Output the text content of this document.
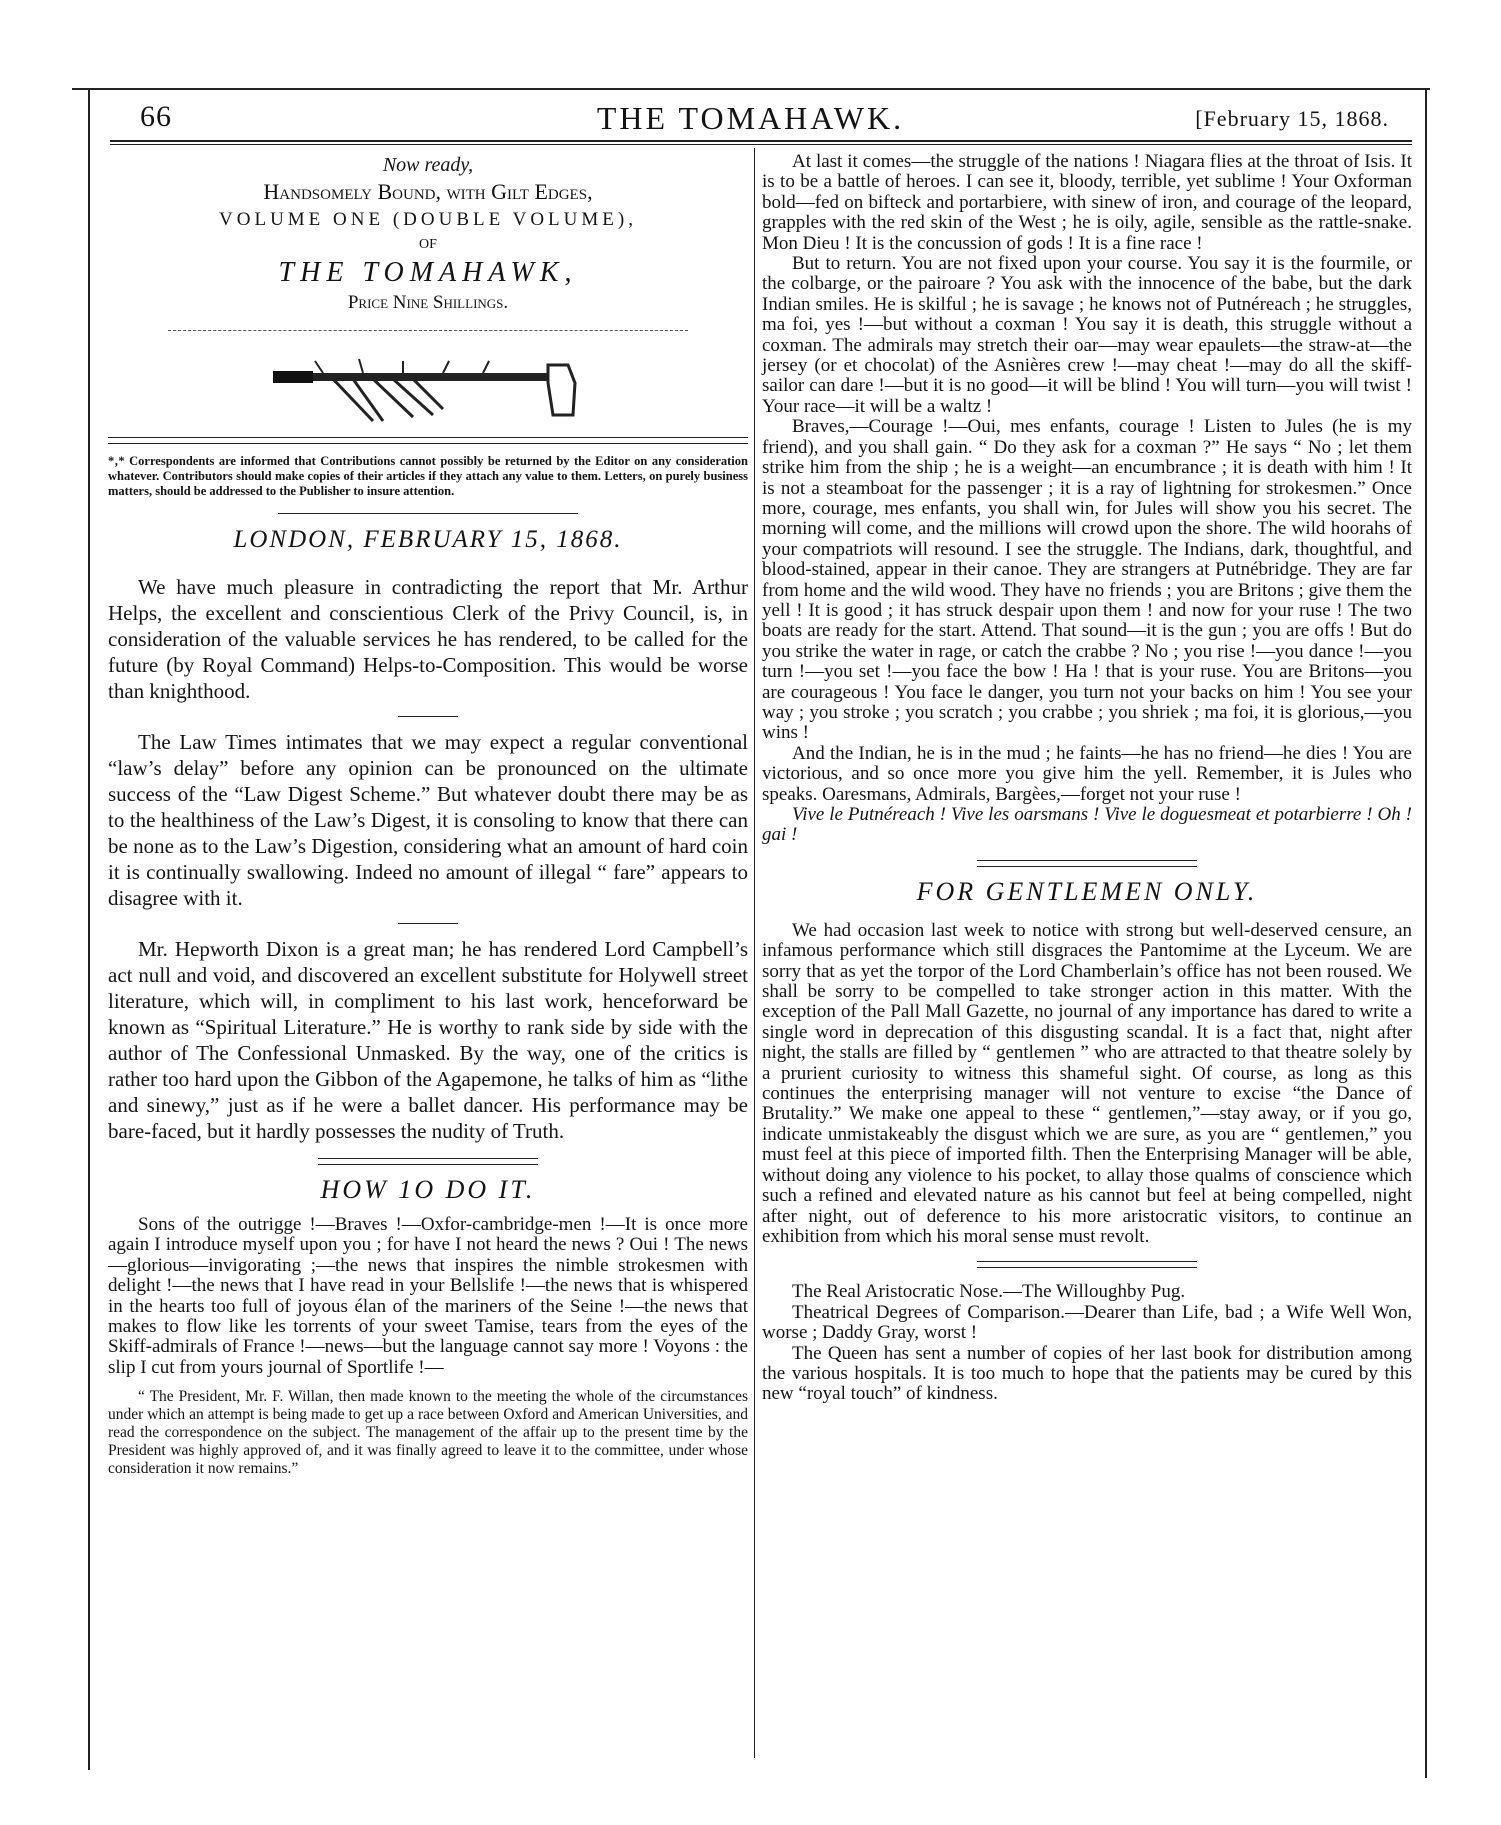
66	THE TOMAHAWK.	[February 15, 1868.
Now ready,
Handsomely Bound, with Gilt Edges,
VOLUME ONE (DOUBLE VOLUME),
OF
THE TOMAHAWK,
Price Nine Shillings.

*‚* Correspondents are informed that Contributions cannot possibly be returned by the Editor on any consideration whatever. Contributors should make copies of their articles if they attach any value to them. Letters, on purely business matters, should be addressed to the Publisher to insure attention.

LONDON, FEBRUARY 15, 1868.

We have much pleasure in contradicting the report that Mr. Arthur Helps, the excellent and conscientious Clerk of the Privy Council, is, in consideration of the valuable services he has rendered, to be called for the future (by Royal Command) Helps-to-Composition. This would be worse than knighthood.

The Law Times intimates that we may expect a regular conventional “law’s delay” before any opinion can be pronounced on the ultimate success of the “Law Digest Scheme.” But whatever doubt there may be as to the healthiness of the Law’s Digest, it is consoling to know that there can be none as to the Law’s Digestion, considering what an amount of hard coin it is continually swallowing. Indeed no amount of illegal “ fare” appears to disagree with it.

Mr. Hepworth Dixon is a great man; he has rendered Lord Campbell’s act null and void, and discovered an excellent substitute for Holywell street literature, which will, in compliment to his last work, henceforward be known as “Spiritual Literature.” He is worthy to rank side by side with the author of The Confessional Unmasked. By the way, one of the critics is rather too hard upon the Gibbon of the Agapemone, he talks of him as “lithe and sinewy,” just as if he were a ballet dancer. His performance may be bare-faced, but it hardly possesses the nudity of Truth.

HOW 1O DO IT.

Sons of the outrigge !—Braves !—Oxfor-cambridge-men !—It is once more again I introduce myself upon you ; for have I not heard the news ? Oui ! The news—glorious—invigorating ;—the news that inspires the nimble strokesmen with delight !—the news that I have read in your Bellslife !—the news that is whispered in the hearts too full of joyous élan of the mariners of the Seine !—the news that makes to flow like les torrents of your sweet Tamise, tears from the eyes of the Skiff-admirals of France !—news—but the language cannot say more ! Voyons : the slip I cut from yours journal of Sportlife !—

“ The President, Mr. F. Willan, then made known to the meeting the whole of the circumstances under which an attempt is being made to get up a race between Oxford and American Universities, and read the correspondence on the subject. The management of the affair up to the present time by the President was highly approved of, and it was finally agreed to leave it to the committee, under whose consideration it now remains.”

At last it comes—the struggle of the nations ! Niagara flies at the throat of Isis. It is to be a battle of heroes. I can see it, bloody, terrible, yet sublime ! Your Oxforman bold—fed on bifteck and portarbiere, with sinew of iron, and courage of the leopard, grapples with the red skin of the West ; he is oily, agile, sensible as the rattle-snake. Mon Dieu ! It is the concussion of gods ! It is a fine race !

But to return. You are not fixed upon your course. You say it is the fourmile, or the colbarge, or the pairoare ? You ask with the innocence of the babe, but the dark Indian smiles. He is skilful ; he is savage ; he knows not of Putnéreach ; he struggles, ma foi, yes !—but without a coxman ! You say it is death, this struggle without a coxman. The admirals may stretch their oar—may wear epaulets—the straw-at—the jersey (or et chocolat) of the Asnières crew !—may cheat !—may do all the skiff-sailor can dare !—but it is no good—it will be blind ! You will turn—you will twist ! Your race—it will be a waltz !

Braves,—Courage !—Oui, mes enfants, courage ! Listen to Jules (he is my friend), and you shall gain. “ Do they ask for a coxman ?” He says “ No ; let them strike him from the ship ; he is a weight—an encumbrance ; it is death with him ! It is not a steamboat for the passenger ; it is a ray of lightning for strokesmen.” Once more, courage, mes enfants, you shall win, for Jules will show you his secret. The morning will come, and the millions will crowd upon the shore. The wild hoorahs of your compatriots will resound. I see the struggle. The Indians, dark, thoughtful, and blood-stained, appear in their canoe. They are strangers at Putnébridge. They are far from home and the wild wood. They have no friends ; you are Britons ; give them the yell ! It is good ; it has struck despair upon them ! and now for your ruse ! The two boats are ready for the start. Attend. That sound—it is the gun ; you are offs ! But do you strike the water in rage, or catch the crabbe ? No ; you rise !—you dance !—you turn !—you set !—you face the bow ! Ha ! that is your ruse. You are Britons—you are courageous ! You face le danger, you turn not your backs on him ! You see your way ; you stroke ; you scratch ; you crabbe ; you shriek ; ma foi, it is glorious,—you wins !

And the Indian, he is in the mud ; he faints—he has no friend—he dies ! You are victorious, and so once more you give him the yell. Remember, it is Jules who speaks. Oaresmans, Admirals, Bargèes,—forget not your ruse !

Vive le Putnéreach ! Vive les oarsmans ! Vive le doguesmeat et potarbierre ! Oh ! gai !

FOR GENTLEMEN ONLY.

We had occasion last week to notice with strong but well-deserved censure, an infamous performance which still disgraces the Pantomime at the Lyceum. We are sorry that as yet the torpor of the Lord Chamberlain’s office has not been roused. We shall be sorry to be compelled to take stronger action in this matter. With the exception of the Pall Mall Gazette, no journal of any importance has dared to write a single word in deprecation of this disgusting scandal. It is a fact that, night after night, the stalls are filled by “ gentlemen ” who are attracted to that theatre solely by a prurient curiosity to witness this shameful sight. Of course, as long as this continues the enterprising manager will not venture to excise “the Dance of Brutality.” We make one appeal to these “ gentlemen,”—stay away, or if you go, indicate unmistakeably the disgust which we are sure, as you are “ gentlemen,” you must feel at this piece of imported filth. Then the Enterprising Manager will be able, without doing any violence to his pocket, to allay those qualms of conscience which such a refined and elevated nature as his cannot but feel at being compelled, night after night, out of deference to his more aristocratic visitors, to continue an exhibition from which his moral sense must revolt.

The Real Aristocratic Nose.—The Willoughby Pug.

Theatrical Degrees of Comparison.—Dearer than Life, bad ; a Wife Well Won, worse ; Daddy Gray, worst !

The Queen has sent a number of copies of her last book for distribution among the various hospitals. It is too much to hope that the patients may be cured by this new “royal touch” of kindness.
